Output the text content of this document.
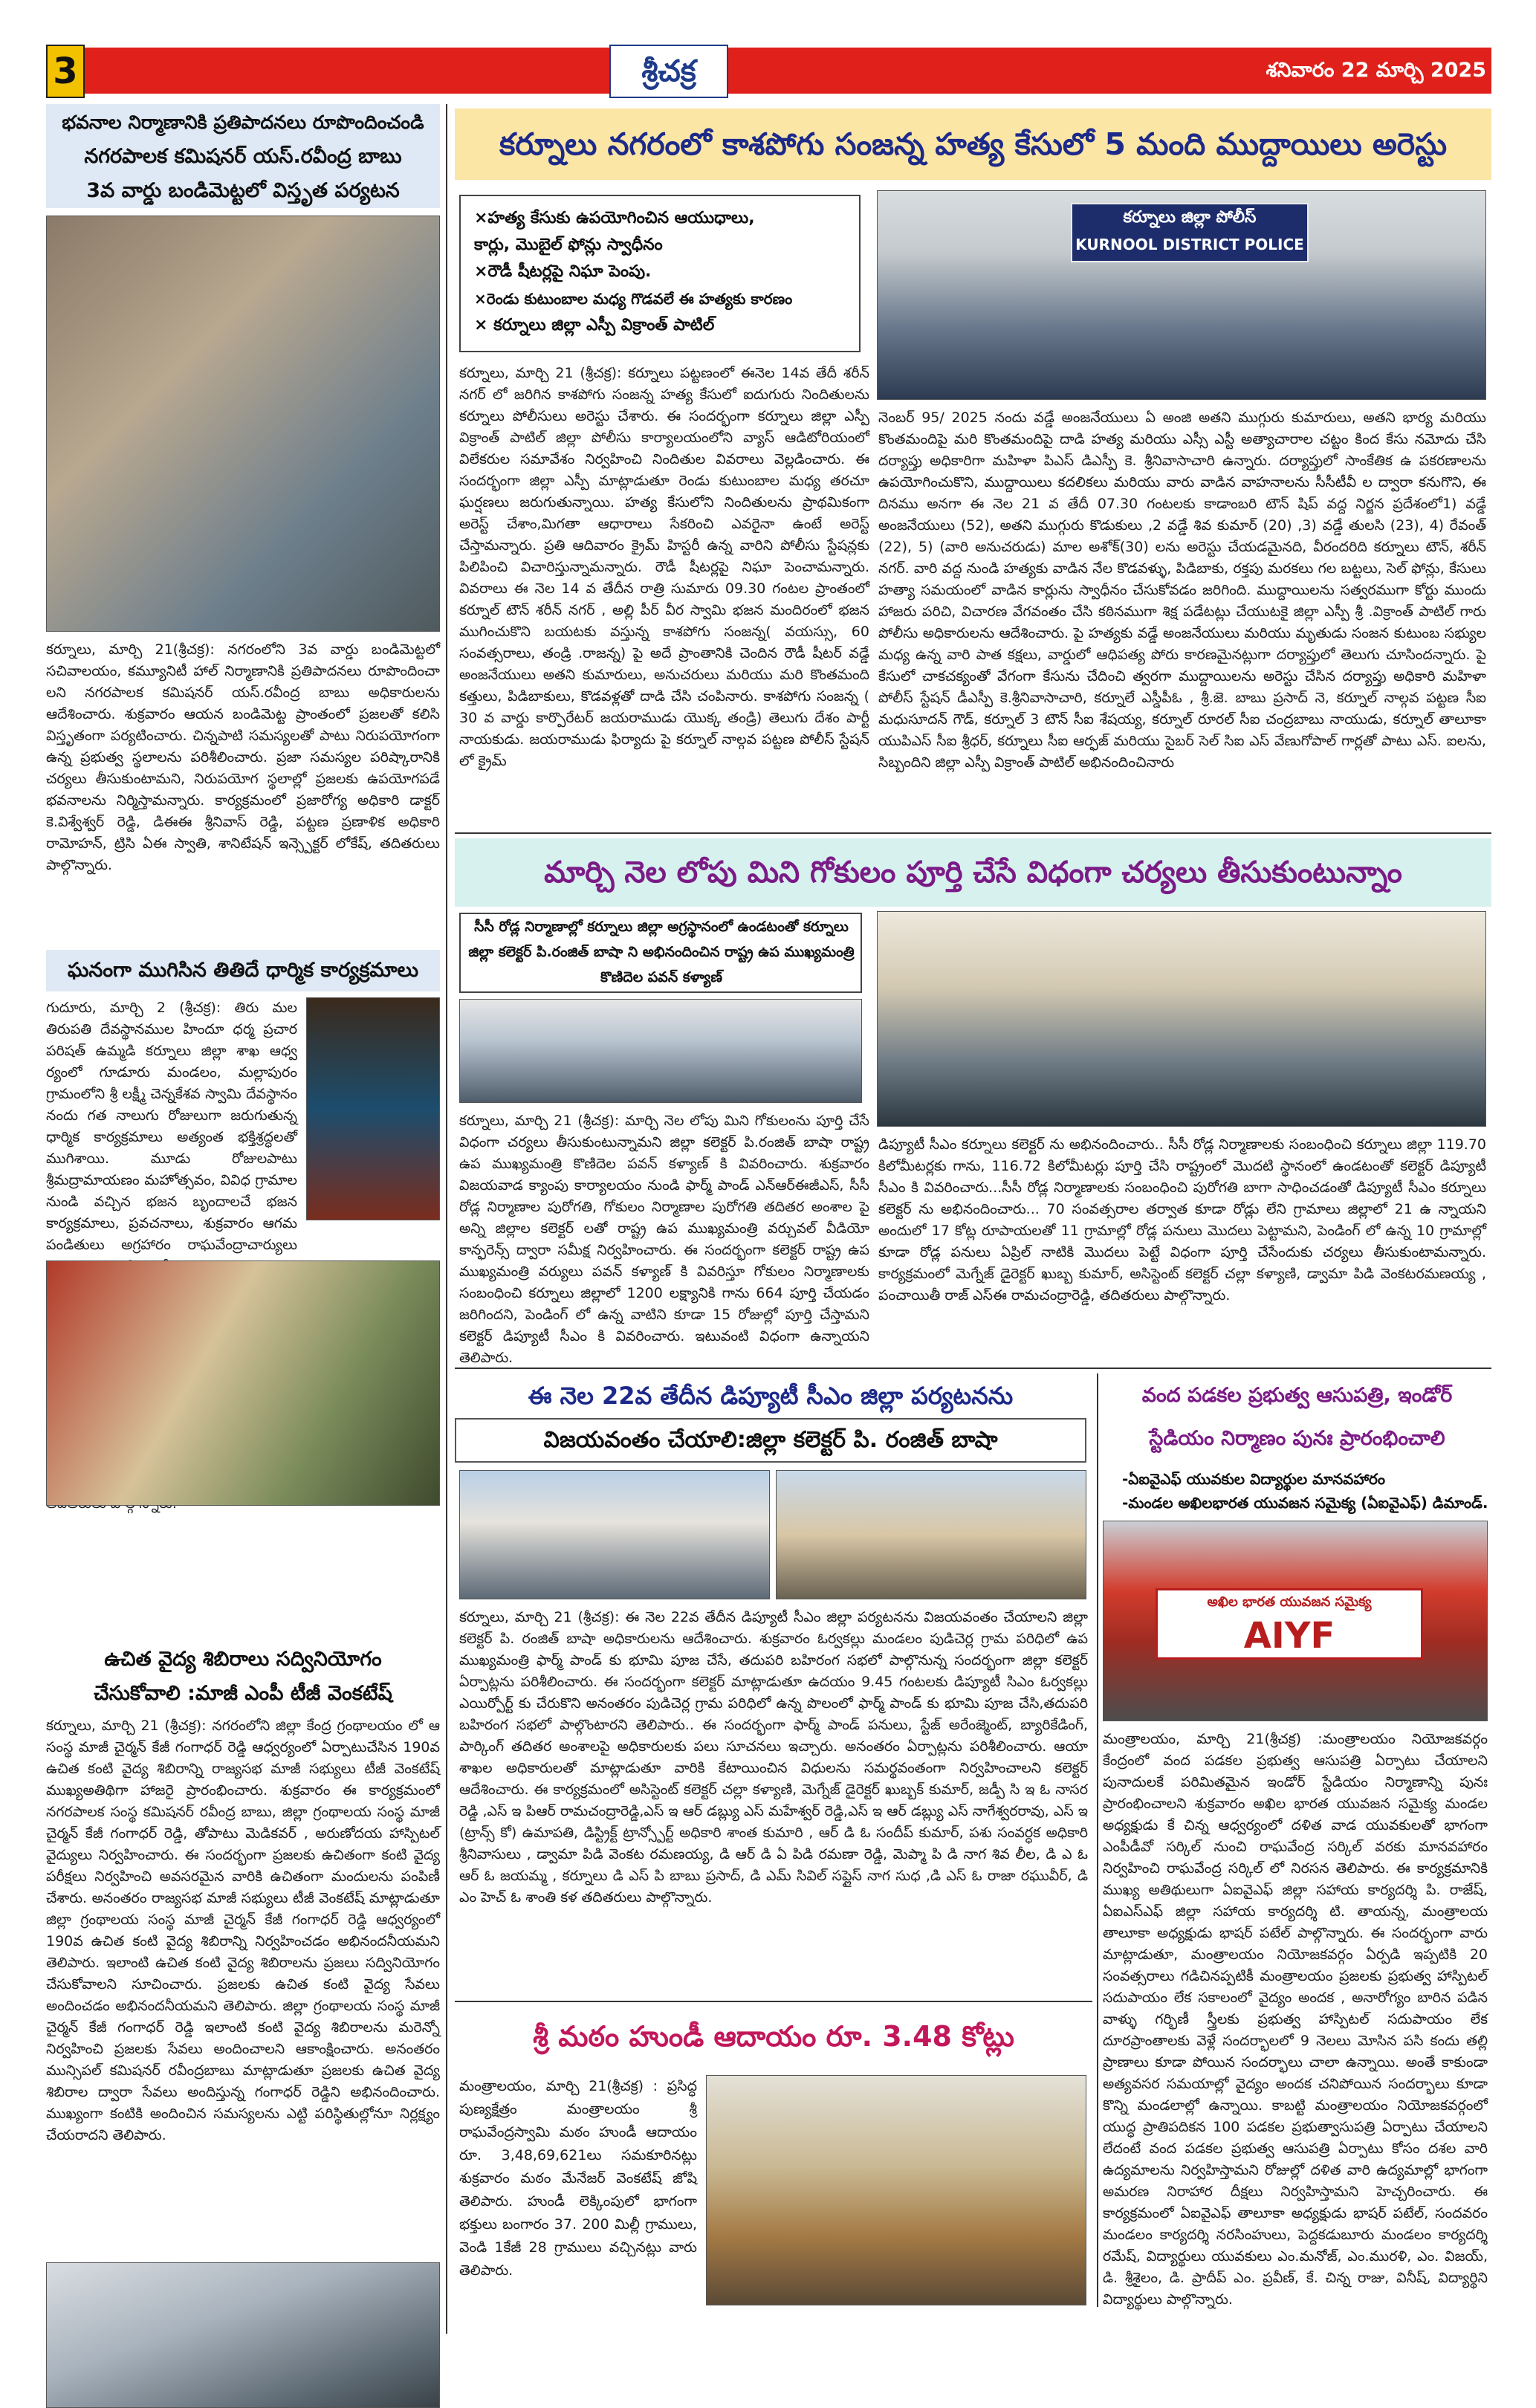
3	శ్రీచక్ర	శనివారం 22 మార్చి 2025
భవనాల నిర్మాణానికి ప్రతిపాదనలు రూపొందించండి
నగరపాలక కమిషనర్ యస్.రవీంద్ర బాబు
3వ వార్డు బండిమెట్టలో విస్తృత పర్యటన
కర్నూలు, మార్చి 21(శ్రీచక్ర): నగరంలోని 3వ వార్డు బండిమెట్టలో సచివాలయం, కమ్యూనిటీ హాల్ నిర్మాణానికి ప్రతిపాదనలు రూపొందించా లని నగరపాలక కమిషనర్ యస్.రవీంద్ర బాబు అధికారులను ఆదేశించారు. శుక్రవారం ఆయన బండిమెట్ట ప్రాంతంలో ప్రజలతో కలిసి విస్తృతంగా పర్యటించారు. చిన్నపాటి సమస్యలతో పాటు నిరుపయోగంగా ఉన్న ప్రభుత్వ స్థలాలను పరిశీలించారు. ప్రజా సమస్యల పరిష్కారానికి చర్యలు తీసుకుంటామని, నిరుపయోగ స్థలాల్లో ప్రజలకు ఉపయోగపడే భవనాలను నిర్మిస్తామన్నారు. కార్యక్రమంలో ప్రజారోగ్య అధికారి డాక్టర్ కె.విశ్వేశ్వర్ రెడ్డి, డిఈఈ శ్రీనివాస్ రెడ్డి, పట్టణ ప్రణాళిక అధికారి రామోహన్, ట్రిసి ఏఈ స్వాతి, శానిటేషన్ ఇన్స్పెక్టర్ లోకేష్, తదితరులు పాల్గొన్నారు.
ఘనంగా ముగిసిన తితిదే ధార్మిక కార్యక్రమాలు
గుదూరు, మార్చి 2 (శ్రీచక్ర): తిరు మల తిరుపతి దేవస్థానముల హిందూ ధర్మ ప్రచార పరిషత్ ఉమ్మడి కర్నూలు జిల్లా శాఖ ఆధ్వ ర్యంలో గూడూరు మండలం, మల్లాపురం గ్రామంలోని శ్రీ లక్ష్మీ చెన్నకేశవ స్వామి దేవస్థానం నందు గత నాలుగు రోజులుగా జరుగుతున్న ధార్మిక కార్యక్రమాలు అత్యంత భక్తిశ్రద్ధలతో ముగిశాయి. మూడు రోజులపాటు శ్రీమద్రామాయణం మహోత్సవం, వివిధ గ్రామాల నుండి వచ్చిన భజన బృందాలచే భజన కార్యక్రమాలు, ప్రవచనాలు, శుక్రవారం ఆగమ పండితులు అగ్రహారం రాఘవేంద్రాచార్యులు
ఉచిత వైద్య శిబిరాలు సద్వినియోగం
చేసుకోవాలి :మాజీ ఎంపీ టీజీ వెంకటేష్
కర్నూలు, మార్చి 21 (శ్రీచక్ర): నగరంలోని జిల్లా కేంద్ర గ్రంథాలయం లో ఆ సంస్థ మాజీ చైర్మన్ కేజీ గంగాధర్ రెడ్డి ఆధ్వర్యంలో ఏర్పాటుచేసిన 190వ ఉచిత కంటి వైద్య శిబిరాన్ని రాజ్యసభ మాజీ సభ్యులు టీజీ వెంకటేష్ ముఖ్యఅతిథిగా హాజరై ప్రారంభించారు. శుక్రవారం ఈ కార్యక్రమంలో నగరపాలక సంస్థ కమిషనర్ రవీంద్ర బాబు, జిల్లా గ్రంథాలయ సంస్థ మాజీ చైర్మన్ కేజీ గంగాధర్ రెడ్డి, తోపాటు మెడికవర్ , అరుణోదయ హాస్పిటల్ వైద్యులు నిర్వహించారు. ఈ సందర్భంగా ప్రజలకు ఉచితంగా కంటి వైద్య పరీక్షలు నిర్వహించి అవసరమైన వారికి ఉచితంగా మందులను పంపిణీ చేశారు. అనంతరం రాజ్యసభ మాజీ సభ్యులు టీజీ వెంకటేష్ మాట్లాడుతూ జిల్లా గ్రంథాలయ సంస్థ మాజీ చైర్మన్ కేజీ గంగాధర్ రెడ్డి ఆధ్వర్యంలో 190వ ఉచిత కంటి వైద్య శిబిరాన్ని నిర్వహించడం అభినందనీయమని తెలిపారు. ఇలాంటి ఉచిత కంటి వైద్య శిబిరాలను ప్రజలు సద్వినియోగం చేసుకోవాలని సూచించారు. ప్రజలకు ఉచిత కంటి వైద్య సేవలు అందించడం అభినందనీయమని తెలిపారు. జిల్లా గ్రంథాలయ సంస్థ మాజీ చైర్మన్ కేజీ గంగాధర్ రెడ్డి ఇలాంటి కంటి వైద్య శిబిరాలను మరెన్నో నిర్వహించి ప్రజలకు సేవలు అందించాలని ఆకాంక్షించారు. అనంతరం మున్సిపల్ కమిషనర్ రవీంద్రబాబు మాట్లాడుతూ ప్రజలకు ఉచిత వైద్య శిబిరాల ద్వారా సేవలు అందిస్తున్న గంగాధర్ రెడ్డిని అభినందించారు. ముఖ్యంగా కంటికి అందించిన సమస్యలను ఎట్టి పరిస్థితుల్లోనూ నిర్లక్ష్యం చేయరాదని తెలిపారు.
కర్నూలు నగరంలో కాశపోగు సంజన్న హత్య కేసులో 5 మంది ముద్దాయిలు అరెస్టు
×హత్య కేసుకు ఉపయోగించిన ఆయుధాలు,
కార్లు, మొబైల్ ఫోన్లు స్వాధీనం
×రౌడీ షీటర్లపై నిఘా పెంపు.
×రెండు కుటుంబాల మధ్య గొడవలే ఈ హత్యకు కారణం
× కర్నూలు జిల్లా ఎస్పీ విక్రాంత్ పాటిల్
కర్నూలు జిల్లా పోలీస్
KURNOOL DISTRICT POLICE
కర్నూలు, మార్చి 21 (శ్రీచక్ర): కర్నూలు పట్టణంలో ఈనెల 14వ తేదీ శరీన్ నగర్ లో జరిగిన కాశపోగు సంజన్న హత్య కేసులో ఐదుగురు నిందితులను కర్నూలు పోలీసులు అరెస్టు చేశారు. ఈ సందర్భంగా కర్నూలు జిల్లా ఎస్పీ విక్రాంత్ పాటిల్ జిల్లా పోలీసు కార్యాలయంలోని వ్యాస్ ఆడిటోరియంలో విలేకరుల సమావేశం నిర్వహించి నిందితుల వివరాలు వెల్లడించారు. ఈ సందర్భంగా జిల్లా ఎస్పీ మాట్లాడుతూ రెండు కుటుంబాల మధ్య తరచూ ఘర్షణలు జరుగుతున్నాయి. హత్య కేసులోని నిందితులను ప్రాథమికంగా అరెస్ట్ చేశాం,మిగతా ఆధారాలు సేకరించి ఎవరైనా ఉంటే అరెస్ట్ చేస్తామన్నారు. ప్రతి ఆదివారం క్రైమ్ హిస్టరీ ఉన్న వారిని పోలీసు స్టేషన్లకు పిలిపించి విచారిస్తున్నామన్నారు. రౌడీ షీటర్లపై నిఘా పెంచామన్నారు. వివరాలు ఈ నెల 14 వ తేదీన రాత్రి సుమారు 09.30 గంటల ప్రాంతంలో కర్నూల్ టౌన్ శరీన్ నగర్ , అల్లి పీర్ వీర స్వామి భజన మందిరంలో భజన ముగించుకొని బయటకు వస్తున్న కాశపోగు సంజన్న( వయస్సు, 60 సంవత్సరాలు, తండ్రి .రాజన్న) పై అదే ప్రాంతానికి చెందిన రౌడీ షీటర్ వడ్డే అంజనేయులు అతని కుమారులు, అనుచరులు మరియు మరి కొంతమంది కత్తులు, పిడిబాకులు, కొడవళ్లతో దాడి చేసి చంపినారు. కాశపోగు సంజన్న ( 30 వ వార్డు కార్పొరేటర్ జయరాముడు యొక్క తండ్రి) తెలుగు దేశం పార్టీ నాయకుడు. జయరాముడు ఫిర్యాదు పై కర్నూల్ నాల్గవ పట్టణ పోలీస్ స్టేషన్ లో క్రైమ్
నెంబర్ 95/ 2025 నందు వడ్డే అంజనేయులు ఏ అంజి అతని ముగ్గురు కుమారులు, అతని భార్య మరియు కొంతమందిపై మరి కొంతమందిపై దాడి హత్య మరియు ఎస్సీ ఎస్టీ అత్యాచారాల చట్టం కింద కేసు నమోదు చేసి దర్యాప్తు అధికారిగా మహిళా పిఎస్ డిఎస్పీ కె. శ్రీనివాసాచారి ఉన్నారు. దర్యాప్తులో సాంకేతిక ఉ పకరణాలను ఉపయోగించుకొని, ముద్దాయిలు కదలికలు మరియు వారు వాడిన వాహనాలను సీసీటీవీ ల ద్వారా కనుగొని, ఈ దినము అనగా ఈ నెల 21 వ తేదీ 07.30 గంటలకు కాడాంబరి టౌన్ షిప్ వద్ద నిర్జన ప్రదేశంలో1) వడ్డే అంజనేయులు (52), అతని ముగ్గురు కొడుకులు ,2 వడ్డే శివ కుమార్ (20) ,3) వడ్డే తులసి (23), 4) రేవంత్ (22), 5) (వారి అనుచరుడు) మాల అశోక్(30) లను అరెస్టు చేయడమైనది, వీరందరిది కర్నూలు టౌన్, శరీన్ నగర్. వారి వద్ద నుండి హత్యకు వాడిన నేల కొడవళ్ళు, పిడిబాకు, రక్తపు మరకలు గల బట్టలు, సెల్ ఫోన్లు, కేసులు హత్యా సమయంలో వాడిన కార్లును స్వాధీనం చేసుకోవడం జరిగింది. ముద్దాయిలను సత్వరముగా కోర్టు ముందు హాజరు పరిచి, విచారణ వేగవంతం చేసి కఠినముగా శిక్ష పడేటట్లు చేయుటకై జిల్లా ఎస్పీ శ్రీ .విక్రాంత్ పాటిల్ గారు పోలీసు అధికారులను ఆదేశించారు. పై హత్యకు వడ్డే అంజనేయులు మరియు మృతుడు సంజన కుటుంబ సభ్యుల మధ్య ఉన్న వారి పాత కక్షలు, వార్డులో ఆధిపత్య పోరు కారణమైనట్లుగా దర్యాప్తులో తెలుగు చూసిందన్నారు. పై కేసులో చాకచక్యంతో వేగంగా కేసును చేదించి త్వరగా ముద్దాయిలను అరెస్టు చేసిన దర్యాప్తు అధికారి మహిళా పోలీస్ స్టేషన్ డీఎస్పీ కె.శ్రీనివాసాచారి, కర్నూలే ఎస్డీపీఓ , శ్రీ.జె. బాబు ప్రసాద్ నె, కర్నూల్ నాల్గవ పట్టణ సీఐ మధుసూదన్ గౌడ్, కర్నూల్ 3 టౌన్ సీఐ శేషయ్య, కర్నూల్ రూరల్ సీఐ చంద్రబాబు నాయుడు, కర్నూల్ తాలూకా యుపిఎస్ సీఐ శ్రీధర్, కర్నూలు సీఐ ఆర్ఫజ్ మరియు సైబర్ సెల్ సిఐ ఎస్ వేణుగోపాల్ గార్లతో పాటు ఎస్. ఐలను, సిబ్బందిని జిల్లా ఎస్పీ విక్రాంత్ పాటిల్ అభినందించినారు
మార్చి నెల లోపు మిని గోకులం పూర్తి చేసే విధంగా చర్యలు తీసుకుంటున్నాం
సీసీ రోడ్ల నిర్మాణాల్లో కర్నూలు జిల్లా అగ్రస్థానంలో ఉండటంతో కర్నూలు జిల్లా కలెక్టర్ పి.రంజిత్ బాషా ని అభినందించిన రాష్ట్ర ఉప ముఖ్యమంత్రి కొణిదెల పవన్ కళ్యాణ్
కర్నూలు, మార్చి 21 (శ్రీచక్ర): మార్చి నెల లోపు మిని గోకులంను పూర్తి చేసే విధంగా చర్యలు తీసుకుంటున్నామని జిల్లా కలెక్టర్ పి.రంజిత్ బాషా రాష్ట్ర ఉప ముఖ్యమంత్రి కొణిదెల పవన్ కళ్యాణ్ కి వివరించారు. శుక్రవారం విజయవాడ క్యాంపు కార్యాలయం నుండి ఫార్మ్ పాండ్ ఎన్ఆర్ఈజీఎస్, సీసీ రోడ్ల నిర్మాణాల పురోగతి, గోకులం నిర్మాణాల పురోగతి తదితర అంశాల పై అన్ని జిల్లాల కలెక్టర్ లతో రాష్ట్ర ఉప ముఖ్యమంత్రి వర్చువల్ వీడియో కాన్ఫరెన్స్ ద్వారా సమీక్ష నిర్వహించారు. ఈ సందర్భంగా కలెక్టర్ రాష్ట్ర ఉప ముఖ్యమంత్రి వర్యులు పవన్ కళ్యాణ్ కి వివరిస్తూ గోకులం నిర్మాణాలకు సంబంధించి కర్నూలు జిల్లాలో 1200 లక్ష్యానికి గాను 664 పూర్తి చేయడం జరిగిందని, పెండింగ్ లో ఉన్న వాటిని కూడా 15 రోజుల్లో పూర్తి చేస్తామని కలెక్టర్ డిప్యూటీ సీఎం కి వివరించారు. ఇటువంటి విధంగా ఉన్నాయని తెలిపారు.
డిప్యూటీ సీఎం కర్నూలు కలెక్టర్ ను అభినందించారు.. సీసీ రోడ్ల నిర్మాణాలకు సంబంధించి కర్నూలు జిల్లా 119.70 కిలోమీటర్లకు గాను, 116.72 కిలోమీటర్లు పూర్తి చేసి రాష్ట్రంలో మొదటి స్థానంలో ఉండటంతో కలెక్టర్ డిప్యూటీ సీఎం కి వివరించారు...సీసీ రోడ్ల నిర్మాణాలకు సంబంధించి పురోగతి బాగా సాధించడంతో డిప్యూటీ సీఎం కర్నూలు కలెక్టర్ ను అభినందించారు... 70 సంవత్సరాల తర్వాత కూడా రోడ్లు లేని గ్రామాలు జిల్లాలో 21 ఉ న్నాయని అందులో 17 కోట్ల రూపాయలతో 11 గ్రామాల్లో రోడ్ల పనులు మొదలు పెట్టామని, పెండింగ్ లో ఉన్న 10 గ్రామాల్లో కూడా రోడ్ల పనులు ఏప్రిల్ నాటికి మొదలు పెట్టే విధంగా పూర్తి చేసేందుకు చర్యలు తీసుకుంటామన్నారు. కార్యక్రమంలో మెగ్నేజ్ డైరెక్టర్ ఖుబ్బ కుమార్, అసిస్టెంట్ కలెక్టర్ చల్లా కళ్యాణి, డ్వామా పిడి వెంకటరమణయ్య , పంచాయితీ రాజ్ ఎస్ఈ రామచంద్రారెడ్డి, తదితరులు పాల్గొన్నారు.
ఈ నెల 22వ తేదీన డిప్యూటీ సీఎం జిల్లా పర్యటనను
విజయవంతం చేయాలి:జిల్లా కలెక్టర్ పి. రంజిత్ బాషా
కర్నూలు, మార్చి 21 (శ్రీచక్ర): ఈ నెల 22వ తేదీన డిప్యూటీ సీఎం జిల్లా పర్యటనను విజయవంతం చేయాలని జిల్లా కలెక్టర్ పి. రంజిత్ బాషా అధికారులను ఆదేశించారు. శుక్రవారం ఓర్వకల్లు మండలం పుడిచెర్ల గ్రామ పరిధిలో ఉప ముఖ్యమంత్రి ఫార్మ్ పాండ్ కు భూమి పూజ చేసే, తదుపరి బహిరంగ సభలో పాల్గొనున్న సందర్భంగా జిల్లా కలెక్టర్ ఏర్పాట్లను పరిశీలించారు. ఈ సందర్భంగా కలెక్టర్ మాట్లాడుతూ ఉదయం 9.45 గంటలకు డిప్యూటీ సిఎం ఓర్వకల్లు ఎయిర్పోర్ట్ కు చేరుకొని అనంతరం పుడిచెర్ల గ్రామ పరిధిలో ఉన్న పొలంలో ఫార్మ్ పాండ్ కు భూమి పూజ చేసి,తదుపరి బహిరంగ సభలో పాల్గొంటారని తెలిపారు.. ఈ సందర్భంగా ఫార్మ్ పాండ్ పనులు, స్టేజ్ అరేంజ్మెంట్, బ్యారికేడింగ్, పార్కింగ్ తదితర అంశాలపై అధికారులకు పలు సూచనలు ఇచ్చారు. అనంతరం ఏర్పాట్లను పరిశీలించారు. ఆయా శాఖల అధికారులతో మాట్లాడుతూ వారికి కేటాయించిన విధులను సమర్థవంతంగా నిర్వహించాలని కలెక్టర్ ఆదేశించారు. ఈ కార్యక్రమంలో అసిస్టెంట్ కలెక్టర్ చల్లా కళ్యాణి, మెగ్నేజ్ డైరెక్టర్ ఖుబ్బక్ కుమార్, జడ్పీ సి ఇ ఓ నాసర రెడ్డి ,ఎస్ ఇ పిఆర్ రామచంద్రారెడ్డి,ఎస్ ఇ ఆర్ డబ్ల్యు ఎస్ మహేశ్వర్ రెడ్డి,ఎస్ ఇ ఆర్ డబ్ల్యు ఎస్ నాగేశ్వరరావు, ఎస్ ఇ (ట్రాన్స్ కో) ఉమాపతి, డిస్ట్రిక్ట్ ట్రాన్స్పోర్ట్ అధికారి శాంత కుమారి , ఆర్ డి ఓ సందీప్ కుమార్, పశు సంవర్ధక అధికారి శ్రీనివాసులు , డ్వామా పిడి వెంకట రమణయ్య, డి ఆర్ డి ఏ పిడి రమణా రెడ్డి, మెప్మా పి డి నాగ శివ లీల, డి ఎ ఓ ఆర్ ఓ జయమ్మ , కర్నూలు డి ఎస్ పి బాబు ప్రసాద్, డి ఎమ్ సివిల్ సప్లైస్ నాగ సుధ ,డి ఎస్ ఓ రాజా రఘువీర్, డి ఎం హెచ్ ఓ శాంతి కళ తదితరులు పాల్గొన్నారు.
శ్రీ మఠం హుండీ ఆదాయం రూ. 3.48 కోట్లు
మంత్రాలయం, మార్చి 21(శ్రీచక్ర) : ప్రసిద్ధ పుణ్యక్షేత్రం మంత్రాలయం శ్రీ రాఘవేంద్రస్వామి మఠం హుండీ ఆదాయం రూ. 3,48,69,621లు సమకూరినట్లు శుక్రవారం మఠం మేనేజర్ వెంకటేష్ జోషి తెలిపారు. హుండీ లెక్కింపులో భాగంగా భక్తులు బంగారం 37. 200 మిల్లీ గ్రాములు, వెండి 1కేజీ 28 గ్రాములు వచ్చినట్లు వారు తెలిపారు.
వంద పడకల ప్రభుత్వ ఆసుపత్రి, ఇండోర్
స్టేడియం నిర్మాణం పునః ప్రారంభించాలి
-ఏఐవైఎఫ్ యువకుల విద్యార్థుల మానవహారం
-మండల అఖిలభారత యువజన సమైక్య (ఏఐవైఎఫ్) డిమాండ్.
అఖిల భారత యువజన సమైక్య
AIYF
మంత్రాలయం, మార్చి 21(శ్రీచక్ర) :మంత్రాలయం నియోజకవర్గం కేంద్రంలో వంద పడకల ప్రభుత్వ ఆసుపత్రి ఏర్పాటు చేయాలని పునాదులకే పరిమితమైన ఇండోర్ స్టేడియం నిర్మాణాన్ని పునః ప్రారంభించాలని శుక్రవారం అఖిల భారత యువజన సమైక్య మండల అధ్యక్షుడు కే చిన్న ఆధ్వర్యంలో దళిత వాడ యువకులతో భాగంగా ఎంపీడీవో సర్కిల్ నుంచి రాఘవేంద్ర సర్కిల్ వరకు మానవహారం నిర్వహించి రాఘవేంద్ర సర్కిల్ లో నిరసన తెలిపారు. ఈ కార్యక్రమానికి ముఖ్య అతిథులుగా ఏఐవైఎఫ్ జిల్లా సహాయ కార్యదర్శి పి. రాజేష్, ఏఐఎస్ఎఫ్ జిల్లా సహాయ కార్యదర్శి టి. తాయన్న, మంత్రాలయ తాలూకా అధ్యక్షుడు భాషర్ పటేల్ పాల్గొన్నారు. ఈ సందర్భంగా వారు మాట్లాడుతూ, మంత్రాలయం నియోజకవర్గం ఏర్పడి ఇప్పటికి 20 సంవత్సరాలు గడిచినప్పటికీ మంత్రాలయం ప్రజలకు ప్రభుత్వ హాస్పిటల్ సదుపాయం లేక సకాలంలో వైద్యం అందక , అనారోగ్యం బారిన పడిన వాళ్ళు గర్భిణీ స్త్రీలకు ప్రభుత్వ హాస్పిటల్ సదుపాయం లేక దూరప్రాంతాలకు వెళ్లే సందర్భాలలో 9 నెలలు మోసిన పసి కందు తల్లి ప్రాణాలు కూడా పోయిన సందర్భాలు చాలా ఉన్నాయి. అంతే కాకుండా అత్యవసర సమయాల్లో వైద్యం అందక చనిపోయిన సందర్భాలు కూడా కొన్ని మండలాల్లో ఉన్నాయి. కాబట్టి మంత్రాలయం నియోజకవర్గంలో యుద్ధ ప్రాతిపదికన 100 పడకల ప్రభుత్వాసుపత్రి ఏర్పాటు చేయాలని లేదంటే వంద పడకల ప్రభుత్వ ఆసుపత్రి ఏర్పాటు కోసం దశల వారి ఉద్యమాలను నిర్వహిస్తామని రోజుల్లో దళిత వారి ఉద్యమాల్లో భాగంగా అమరణ నిరాహార దీక్షలు నిర్వహిస్తామని హెచ్చరించారు. ఈ కార్యక్రమంలో ఏఐవైఎఫ్ తాలూకా అధ్యక్షుడు భాషర్ పటేల్, సందవరం మండలం కార్యదర్శి నరసింహులు, పెద్దకడుబూరు మండలం కార్యదర్శి రమేష్, విద్యార్థులు యువకులు ఎం.మనోజ్, ఎం.మురళి, ఎం. విజయ్, డి. శ్రీశైలం, డి. ప్రాదీప్ ఎం. ప్రవీణ్, కే. చిన్న రాజు, వినీష్, విద్యార్థిని విద్యార్థులు పాల్గొన్నారు.
